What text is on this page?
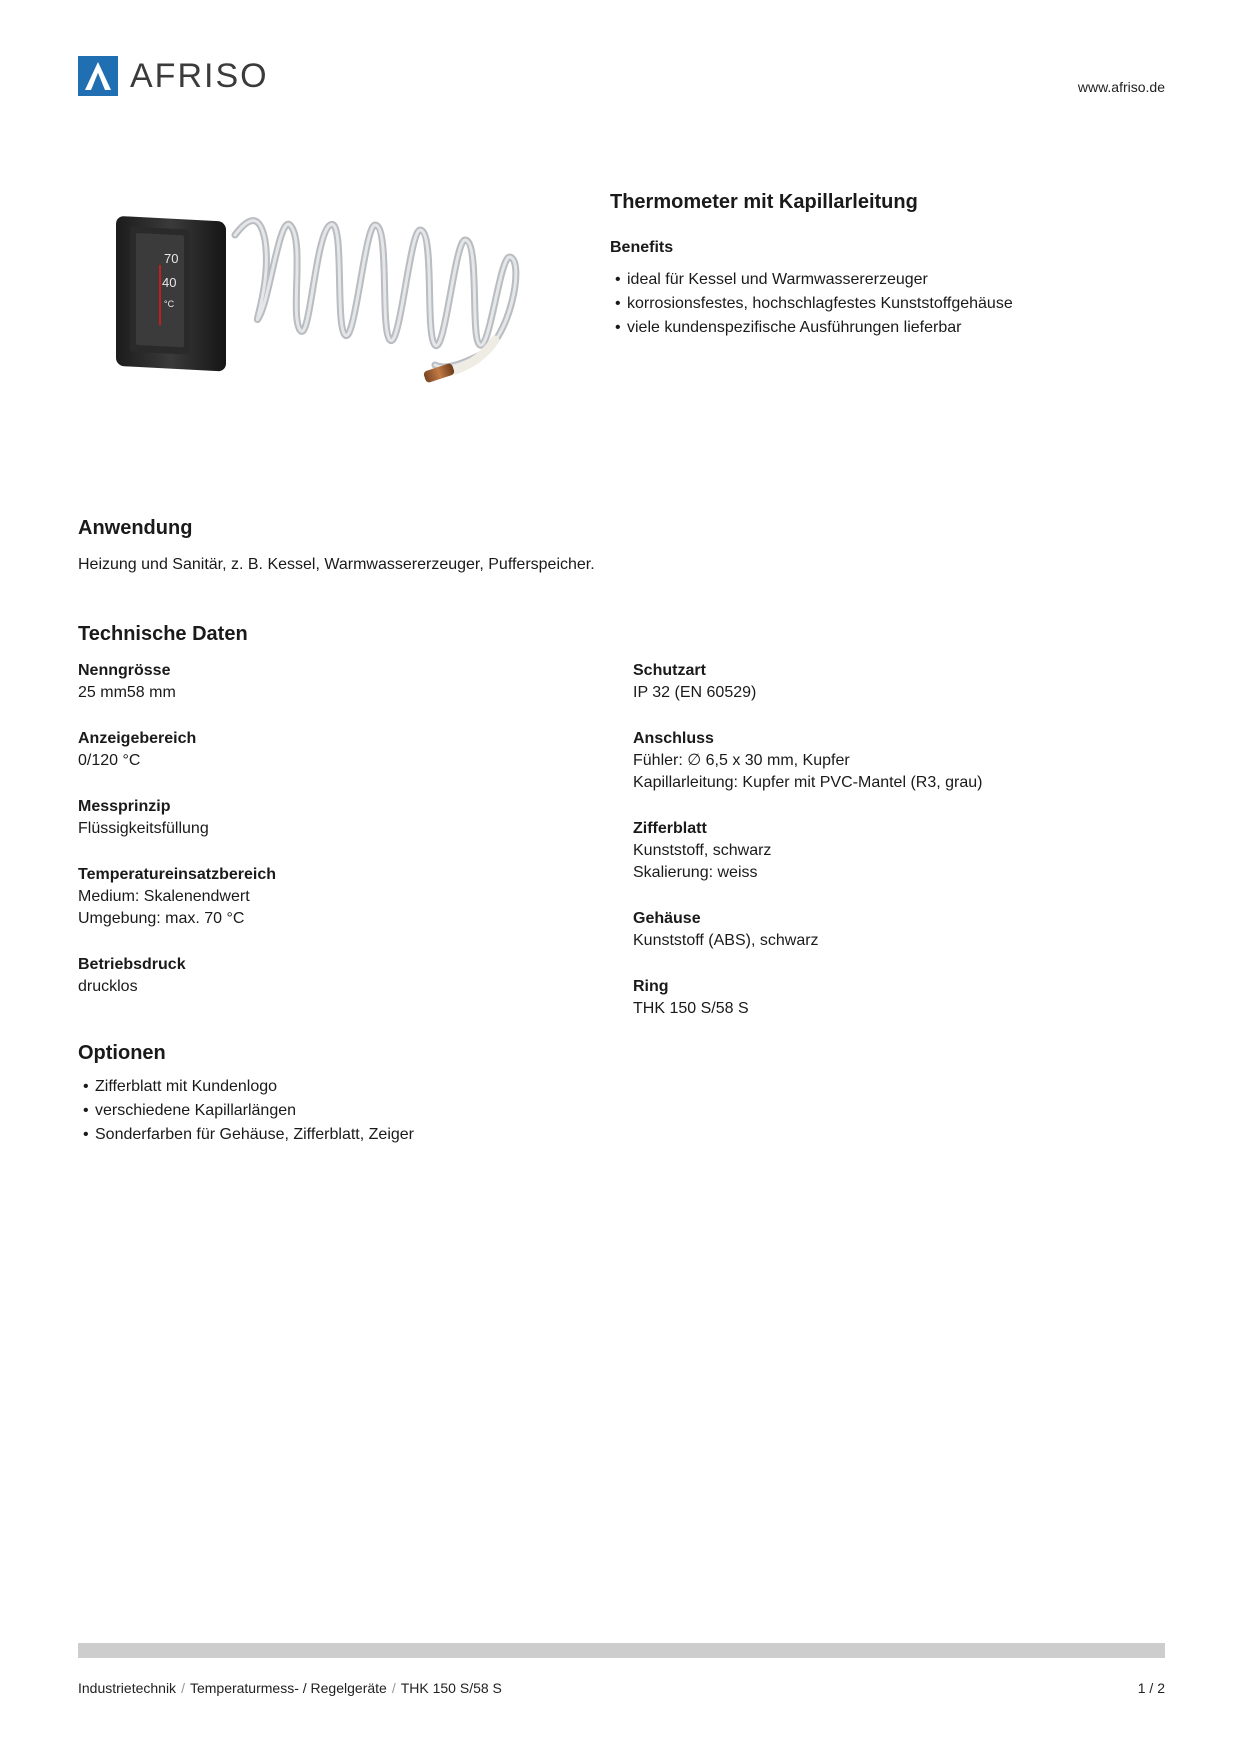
AFRISO	www.afriso.de
70
40
°C
Thermometer mit Kapillarleitung
Benefits
• ideal für Kessel und Warmwassererzeuger
• korrosionsfestes, hochschlagfestes Kunststoffgehäuse
• viele kundenspezifische Ausführungen lieferbar
Anwendung
Heizung und Sanitär, z. B. Kessel, Warmwassererzeuger, Pufferspeicher.
Technische Daten
Nenngrösse
25 mm58 mm
Anzeigebereich
0/120 °C
Messprinzip
Flüssigkeitsfüllung
Temperatureinsatzbereich
Medium: Skalenendwert
Umgebung: max. 70 °C
Betriebsdruck
drucklos
Schutzart
IP 32 (EN 60529)
Anschluss
Fühler: ∅ 6,5 x 30 mm, Kupfer
Kapillarleitung: Kupfer mit PVC-Mantel (R3, grau)
Zifferblatt
Kunststoff, schwarz
Skalierung: weiss
Gehäuse
Kunststoff (ABS), schwarz
Ring
THK 150 S/58 S
Optionen
• Zifferblatt mit Kundenlogo
• verschiedene Kapillarlängen
• Sonderfarben für Gehäuse, Zifferblatt, Zeiger
Industrietechnik / Temperaturmess- / Regelgeräte / THK 150 S/58 S	1 / 2
